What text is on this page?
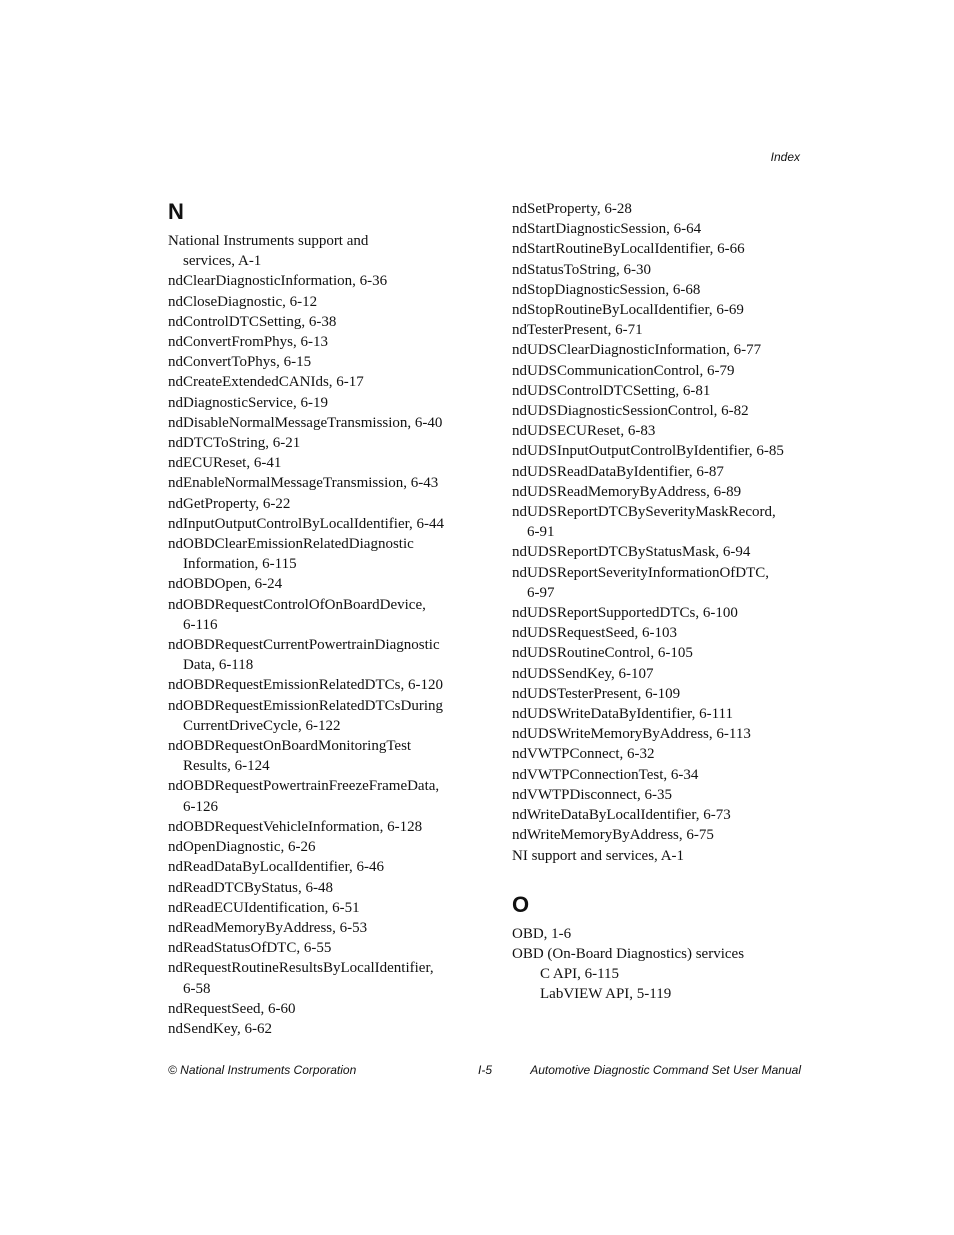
Index
N
National Instruments support and
services, A-1
ndClearDiagnosticInformation, 6-36
ndCloseDiagnostic, 6-12
ndControlDTCSetting, 6-38
ndConvertFromPhys, 6-13
ndConvertToPhys, 6-15
ndCreateExtendedCANIds, 6-17
ndDiagnosticService, 6-19
ndDisableNormalMessageTransmission, 6-40
ndDTCToString, 6-21
ndECUReset, 6-41
ndEnableNormalMessageTransmission, 6-43
ndGetProperty, 6-22
ndInputOutputControlByLocalIdentifier, 6-44
ndOBDClearEmissionRelatedDiagnostic
Information, 6-115
ndOBDOpen, 6-24
ndOBDRequestControlOfOnBoardDevice,
6-116
ndOBDRequestCurrentPowertrainDiagnostic
Data, 6-118
ndOBDRequestEmissionRelatedDTCs, 6-120
ndOBDRequestEmissionRelatedDTCsDuring
CurrentDriveCycle, 6-122
ndOBDRequestOnBoardMonitoringTest
Results, 6-124
ndOBDRequestPowertrainFreezeFrameData,
6-126
ndOBDRequestVehicleInformation, 6-128
ndOpenDiagnostic, 6-26
ndReadDataByLocalIdentifier, 6-46
ndReadDTCByStatus, 6-48
ndReadECUIdentification, 6-51
ndReadMemoryByAddress, 6-53
ndReadStatusOfDTC, 6-55
ndRequestRoutineResultsByLocalIdentifier,
6-58
ndRequestSeed, 6-60
ndSendKey, 6-62
ndSetProperty, 6-28
ndStartDiagnosticSession, 6-64
ndStartRoutineByLocalIdentifier, 6-66
ndStatusToString, 6-30
ndStopDiagnosticSession, 6-68
ndStopRoutineByLocalIdentifier, 6-69
ndTesterPresent, 6-71
ndUDSClearDiagnosticInformation, 6-77
ndUDSCommunicationControl, 6-79
ndUDSControlDTCSetting, 6-81
ndUDSDiagnosticSessionControl, 6-82
ndUDSECUReset, 6-83
ndUDSInputOutputControlByIdentifier, 6-85
ndUDSReadDataByIdentifier, 6-87
ndUDSReadMemoryByAddress, 6-89
ndUDSReportDTCBySeverityMaskRecord,
6-91
ndUDSReportDTCByStatusMask, 6-94
ndUDSReportSeverityInformationOfDTC,
6-97
ndUDSReportSupportedDTCs, 6-100
ndUDSRequestSeed, 6-103
ndUDSRoutineControl, 6-105
ndUDSSendKey, 6-107
ndUDSTesterPresent, 6-109
ndUDSWriteDataByIdentifier, 6-111
ndUDSWriteMemoryByAddress, 6-113
ndVWTPConnect, 6-32
ndVWTPConnectionTest, 6-34
ndVWTPDisconnect, 6-35
ndWriteDataByLocalIdentifier, 6-73
ndWriteMemoryByAddress, 6-75
NI support and services, A-1
O
OBD, 1-6
OBD (On-Board Diagnostics) services
C API, 6-115
LabVIEW API, 5-119
© National Instruments Corporation	I-5	Automotive Diagnostic Command Set User Manual
